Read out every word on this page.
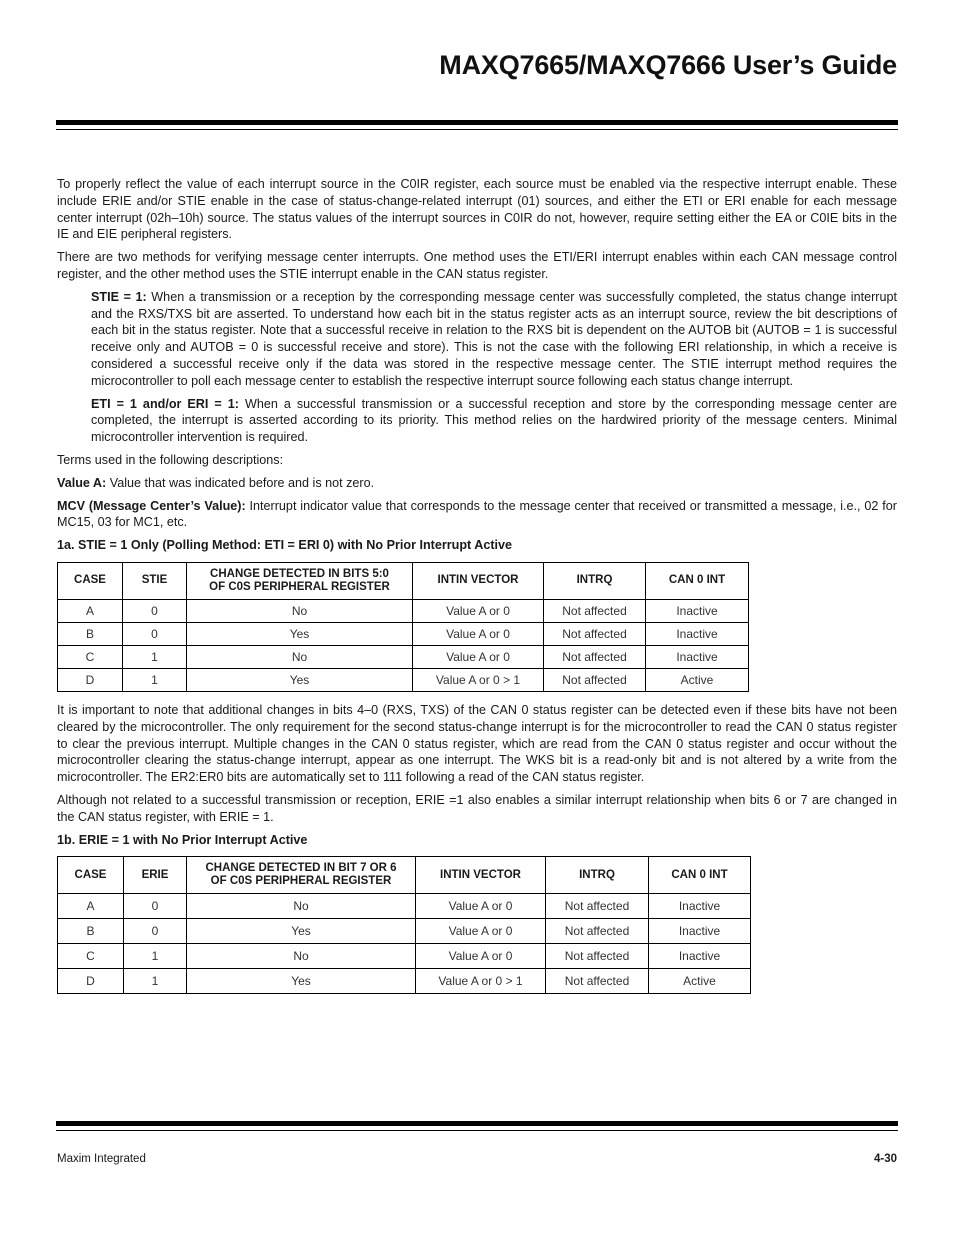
MAXQ7665/MAXQ7666 User’s Guide

To properly reflect the value of each interrupt source in the C0IR register, each source must be enabled via the respective interrupt enable. These include ERIE and/or STIE enable in the case of status-change-related interrupt (01) sources, and either the ETI or ERI enable for each message center interrupt (02h–10h) source. The status values of the interrupt sources in C0IR do not, however, require setting either the EA or C0IE bits in the IE and EIE peripheral registers.

There are two methods for verifying message center interrupts. One method uses the ETI/ERI interrupt enables within each CAN message control register, and the other method uses the STIE interrupt enable in the CAN status register.

STIE = 1: When a transmission or a reception by the corresponding message center was successfully completed, the status change interrupt and the RXS/TXS bit are asserted. To understand how each bit in the status register acts as an interrupt source, review the bit descriptions of each bit in the status register. Note that a successful receive in relation to the RXS bit is dependent on the AUTOB bit (AUTOB = 1 is successful receive only and AUTOB = 0 is successful receive and store). This is not the case with the following ERI relationship, in which a receive is considered a successful receive only if the data was stored in the respective message center. The STIE interrupt method requires the microcontroller to poll each message center to establish the respective interrupt source following each status change interrupt.

ETI = 1 and/or ERI = 1: When a successful transmission or a successful reception and store by the corresponding message center are completed, the interrupt is asserted according to its priority. This method relies on the hardwired priority of the message centers. Minimal microcontroller intervention is required.

Terms used in the following descriptions:

Value A: Value that was indicated before and is not zero.

MCV (Message Center’s Value): Interrupt indicator value that corresponds to the message center that received or transmitted a message, i.e., 02 for MC15, 03 for MC1, etc.

1a. STIE = 1 Only (Polling Method: ETI = ERI 0) with No Prior Interrupt Active
CASE	STIE	CHANGE DETECTED IN BITS 5:0
OF C0S PERIPHERAL REGISTER	INTIN VECTOR	INTRQ	CAN 0 INT
A	0	No	Value A or 0	Not affected	Inactive
B	0	Yes	Value A or 0	Not affected	Inactive
C	1	No	Value A or 0	Not affected	Inactive
D	1	Yes	Value A or 0 > 1	Not affected	Active

It is important to note that additional changes in bits 4–0 (RXS, TXS) of the CAN 0 status register can be detected even if these bits have not been cleared by the microcontroller. The only requirement for the second status-change interrupt is for the microcontroller to read the CAN 0 status register to clear the previous interrupt. Multiple changes in the CAN 0 status register, which are read from the CAN 0 status register and occur without the microcontroller clearing the status-change interrupt, appear as one interrupt. The WKS bit is a read-only bit and is not altered by a write from the microcontroller. The ER2:ER0 bits are automatically set to 111 following a read of the CAN status register.

Although not related to a successful transmission or reception, ERIE =1 also enables a similar interrupt relationship when bits 6 or 7 are changed in the CAN status register, with ERIE = 1.

1b. ERIE = 1 with No Prior Interrupt Active
CASE	ERIE	CHANGE DETECTED IN BIT 7 OR 6
OF C0S PERIPHERAL REGISTER	INTIN VECTOR	INTRQ	CAN 0 INT
A	0	No	Value A or 0	Not affected	Inactive
B	0	Yes	Value A or 0	Not affected	Inactive
C	1	No	Value A or 0	Not affected	Inactive
D	1	Yes	Value A or 0 > 1	Not affected	Active
Maxim Integrated	4-30
